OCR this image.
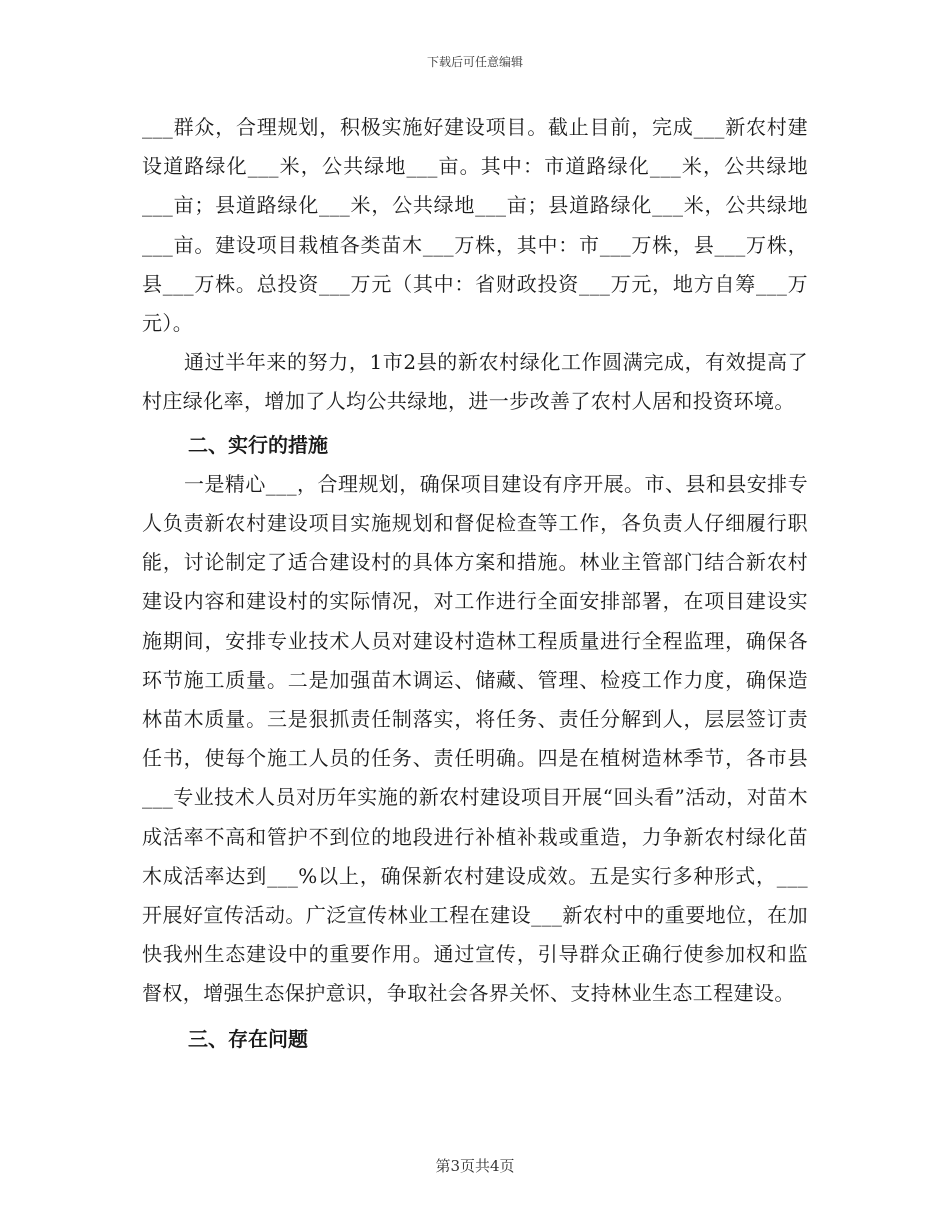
下载后可任意编辑

___群众，合理规划，积极实施好建设项目。截止目前，完成___新农村建设道路绿化___米，公共绿地___亩。其中：市道路绿化___米，公共绿地___亩；县道路绿化___米，公共绿地___亩；县道路绿化___米，公共绿地___亩。建设项目栽植各类苗木___万株，其中：市___万株，县___万株，县___万株。总投资___万元（其中：省财政投资___万元，地方自筹___万元）。

通过半年来的努力，1市2县的新农村绿化工作圆满完成，有效提高了村庄绿化率，增加了人均公共绿地，进一步改善了农村人居和投资环境。

二、实行的措施

一是精心___，合理规划，确保项目建设有序开展。市、县和县安排专人负责新农村建设项目实施规划和督促检查等工作，各负责人仔细履行职能，讨论制定了适合建设村的具体方案和措施。林业主管部门结合新农村建设内容和建设村的实际情况，对工作进行全面安排部署，在项目建设实施期间，安排专业技术人员对建设村造林工程质量进行全程监理，确保各环节施工质量。二是加强苗木调运、储藏、管理、检疫工作力度，确保造林苗木质量。三是狠抓责任制落实，将任务、责任分解到人，层层签订责任书，使每个施工人员的任务、责任明确。四是在植树造林季节，各市县___专业技术人员对历年实施的新农村建设项目开展“回头看”活动，对苗木成活率不高和管护不到位的地段进行补植补栽或重造，力争新农村绿化苗木成活率达到___%以上，确保新农村建设成效。五是实行多种形式，___开展好宣传活动。广泛宣传林业工程在建设___新农村中的重要地位，在加快我州生态建设中的重要作用。通过宣传，引导群众正确行使参加权和监督权，增强生态保护意识，争取社会各界关怀、支持林业生态工程建设。

三、存在问题

第3页共4页
